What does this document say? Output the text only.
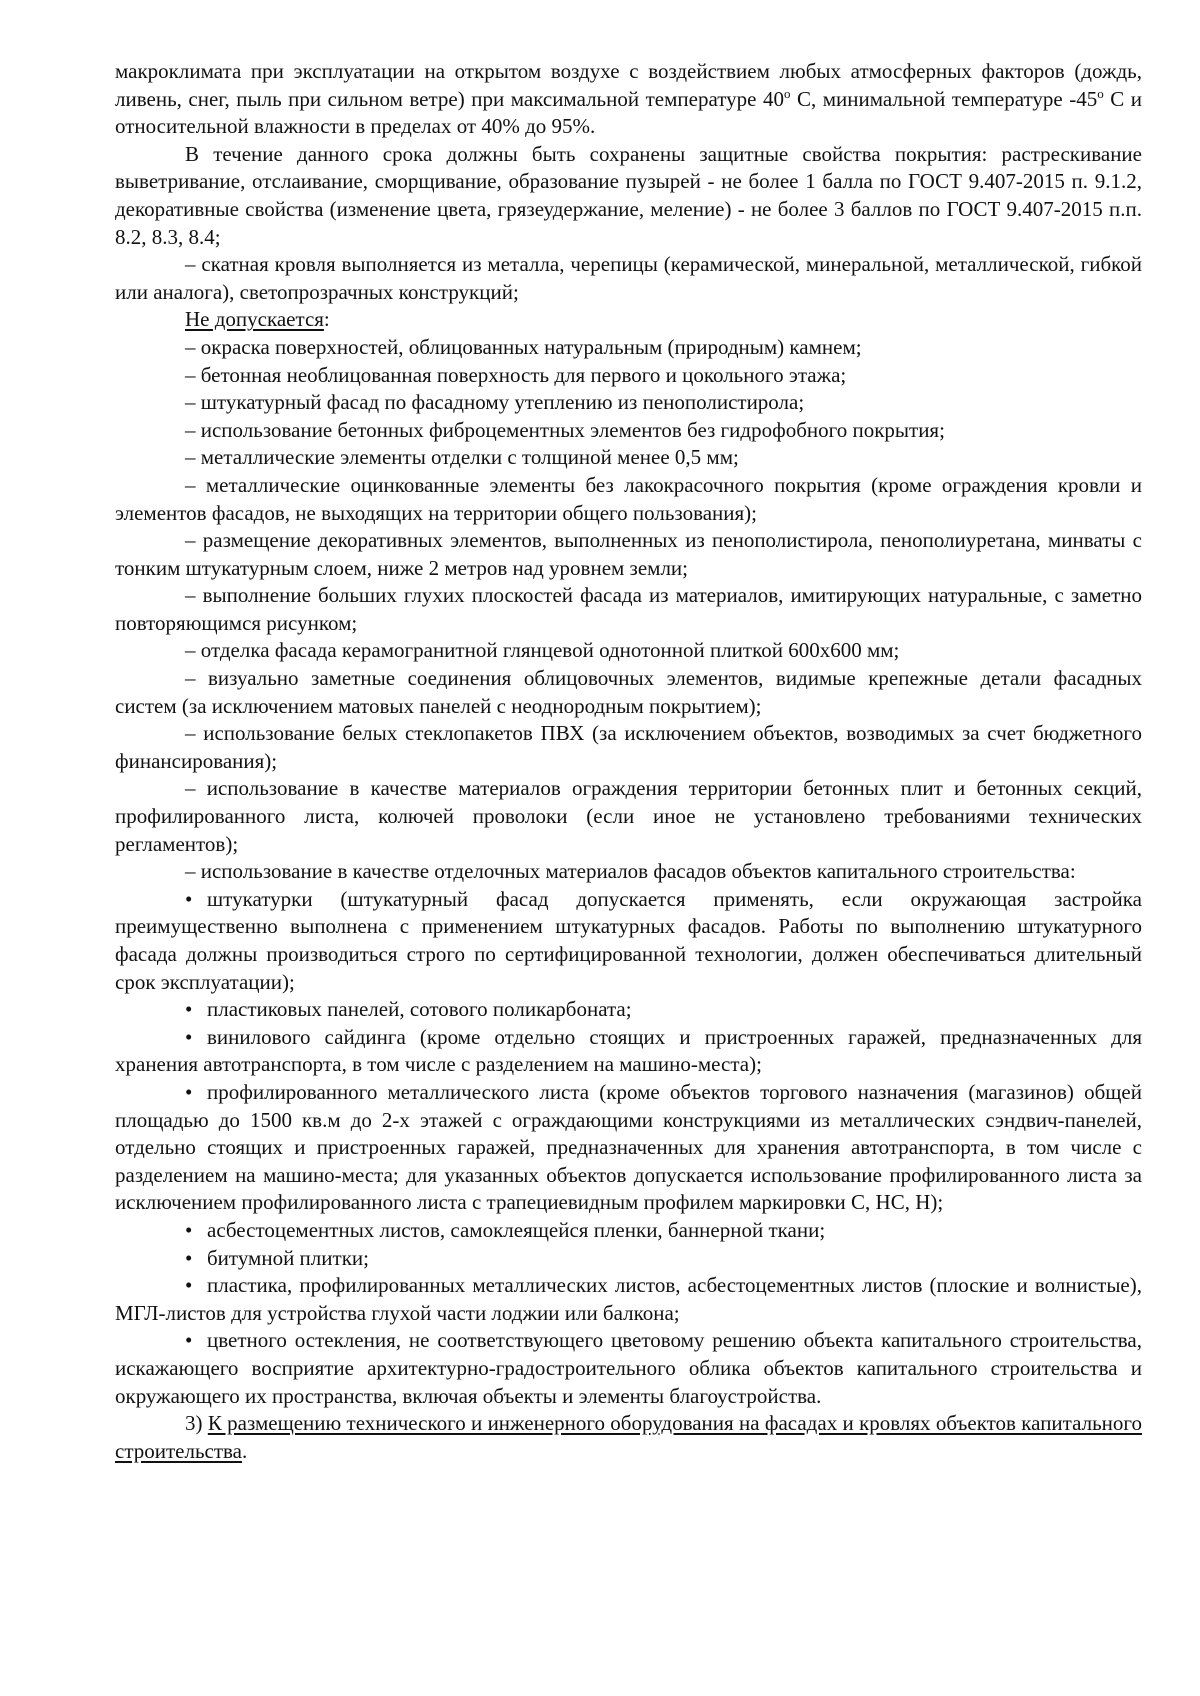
макроклимата при эксплуатации на открытом воздухе с воздействием любых атмосферных факторов (дождь, ливень, снег, пыль при сильном ветре) при максимальной температуре $40^о$ С, минимальной температуре $-45^о$ С и относительной влажности в пределах от 40% до 95%.

В течение данного срока должны быть сохранены защитные свойства покрытия: растрескивание выветривание, отслаивание, сморщивание, образование пузырей - не более 1 балла по ГОСТ 9.407-2015 п. 9.1.2, декоративные свойства (изменение цвета, грязеудержание, меление) - не более 3 баллов по ГОСТ 9.407-2015 п.п. 8.2, 8.3, 8.4;

– скатная кровля выполняется из металла, черепицы (керамической, минеральной, металлической, гибкой или аналога), светопрозрачных конструкций;

Не допускается:

– окраска поверхностей, облицованных натуральным (природным) камнем;

– бетонная необлицованная поверхность для первого и цокольного этажа;

– штукатурный фасад по фасадному утеплению из пенополистирола;

– использование бетонных фиброцементных элементов без гидрофобного покрытия;

– металлические элементы отделки с толщиной менее 0,5 мм;

– металлические оцинкованные элементы без лакокрасочного покрытия (кроме ограждения кровли и элементов фасадов, не выходящих на территории общего пользования);

– размещение декоративных элементов, выполненных из пенополистирола, пенополиуретана, минваты с тонким штукатурным слоем, ниже 2 метров над уровнем земли;

– выполнение больших глухих плоскостей фасада из материалов, имитирующих натуральные, с заметно повторяющимся рисунком;

– отделка фасада керамогранитной глянцевой однотонной плиткой 600х600 мм;

– визуально заметные соединения облицовочных элементов, видимые крепежные детали фасадных систем (за исключением матовых панелей с неоднородным покрытием);

– использование белых стеклопакетов ПВХ (за исключением объектов, возводимых за счет бюджетного финансирования);

– использование в качестве материалов ограждения территории бетонных плит и бетонных секций, профилированного листа, колючей проволоки (если иное не установлено требованиями технических регламентов);

– использование в качестве отделочных материалов фасадов объектов капитального строительства:

• штукатурки (штукатурный фасад допускается применять, если окружающая застройка преимущественно выполнена с применением штукатурных фасадов. Работы по выполнению штукатурного фасада должны производиться строго по сертифицированной технологии, должен обеспечиваться длительный срок эксплуатации);

• пластиковых панелей, сотового поликарбоната;

• винилового сайдинга (кроме отдельно стоящих и пристроенных гаражей, предназначенных для хранения автотранспорта, в том числе с разделением на машино-места);

• профилированного металлического листа (кроме объектов торгового назначения (магазинов) общей площадью до 1500 кв.м до 2-х этажей с ограждающими конструкциями из металлических сэндвич-панелей, отдельно стоящих и пристроенных гаражей, предназначенных для хранения автотранспорта, в том числе с разделением на машино-места; для указанных объектов допускается использование профилированного листа за исключением профилированного листа с трапециевидным профилем маркировки С, НС, Н);

• асбестоцементных листов, самоклеящейся пленки, баннерной ткани;

• битумной плитки;

• пластика, профилированных металлических листов, асбестоцементных листов (плоские и волнистые), МГЛ-листов для устройства глухой части лоджии или балкона;

• цветного остекления, не соответствующего цветовому решению объекта капитального строительства, искажающего восприятие архитектурно-градостроительного облика объектов капитального строительства и окружающего их пространства, включая объекты и элементы благоустройства.

3) К размещению технического и инженерного оборудования на фасадах и кровлях объектов капитального строительства.
